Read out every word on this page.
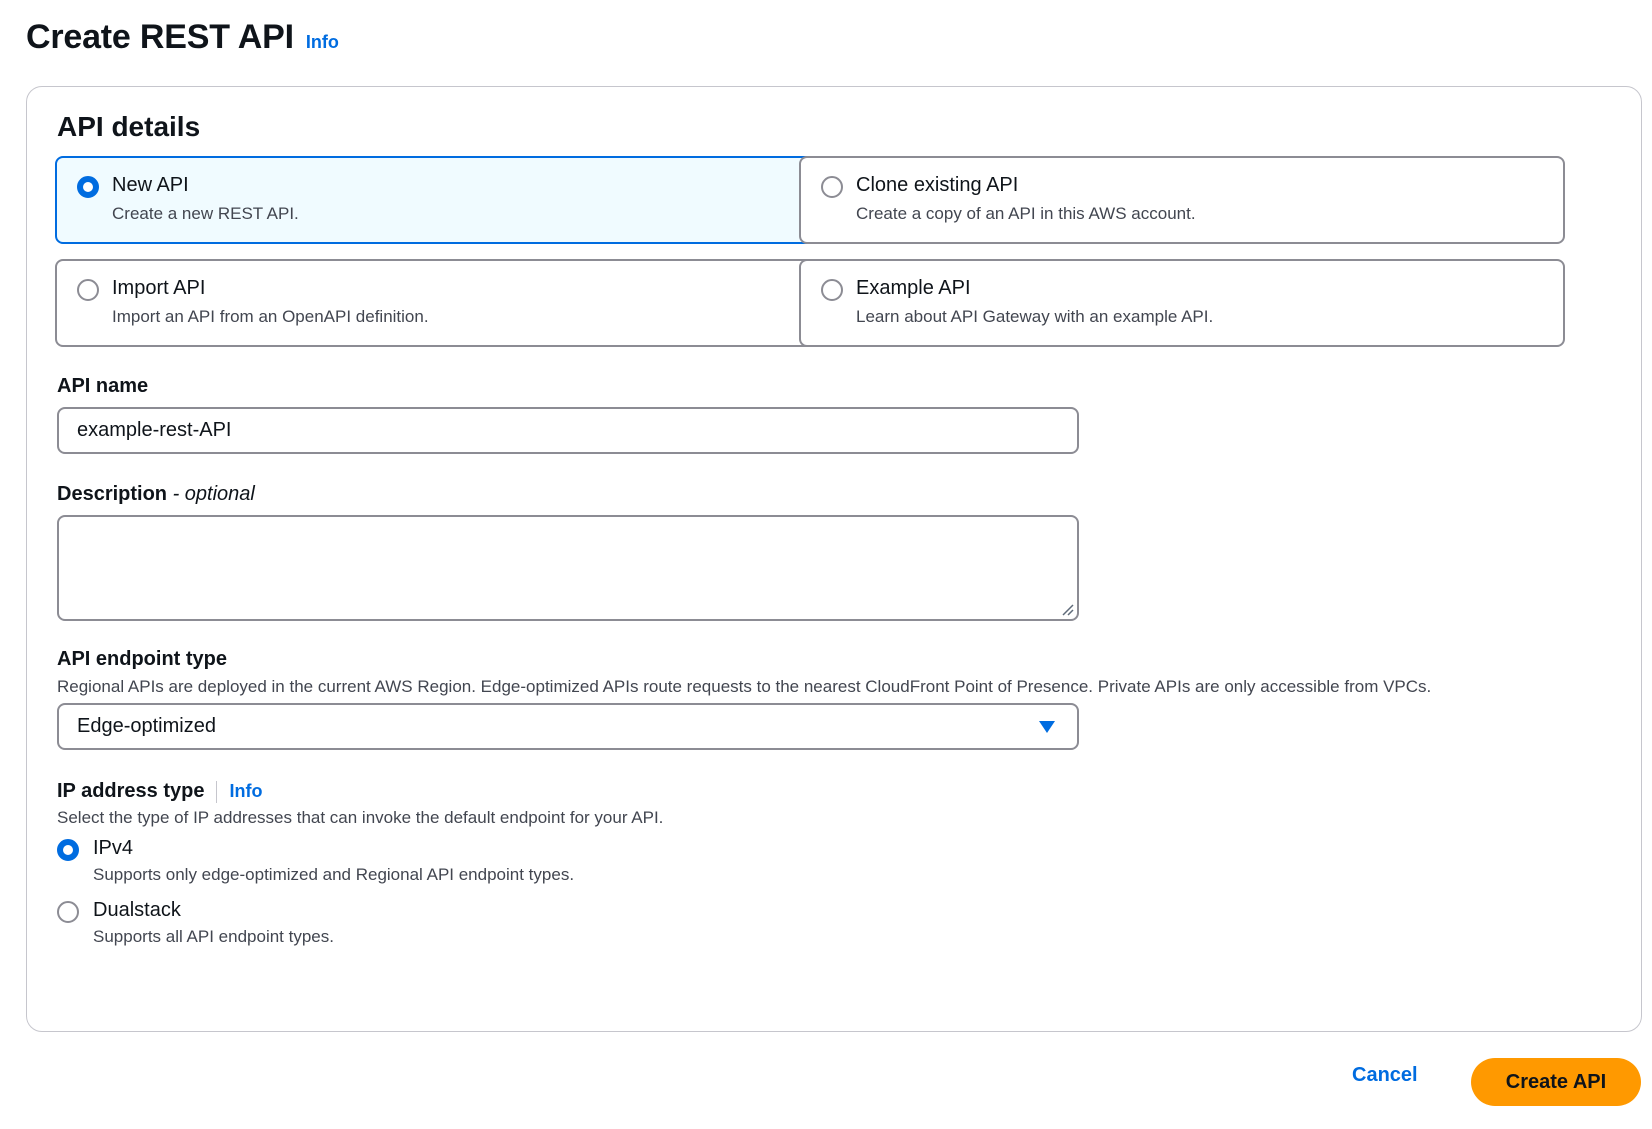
Create REST API Info
API details
New API
Create a new REST API.
Clone existing API
Create a copy of an API in this AWS account.
Import API
Import an API from an OpenAPI definition.
Example API
Learn about API Gateway with an example API.
API name
example-rest-API
Description - optional
API endpoint type
Regional APIs are deployed in the current AWS Region. Edge-optimized APIs route requests to the nearest CloudFront Point of Presence. Private APIs are only accessible from VPCs.
Edge-optimized
IP address type Info
Select the type of IP addresses that can invoke the default endpoint for your API.
IPv4
Supports only edge-optimized and Regional API endpoint types.
Dualstack
Supports all API endpoint types.
Cancel	Create API
